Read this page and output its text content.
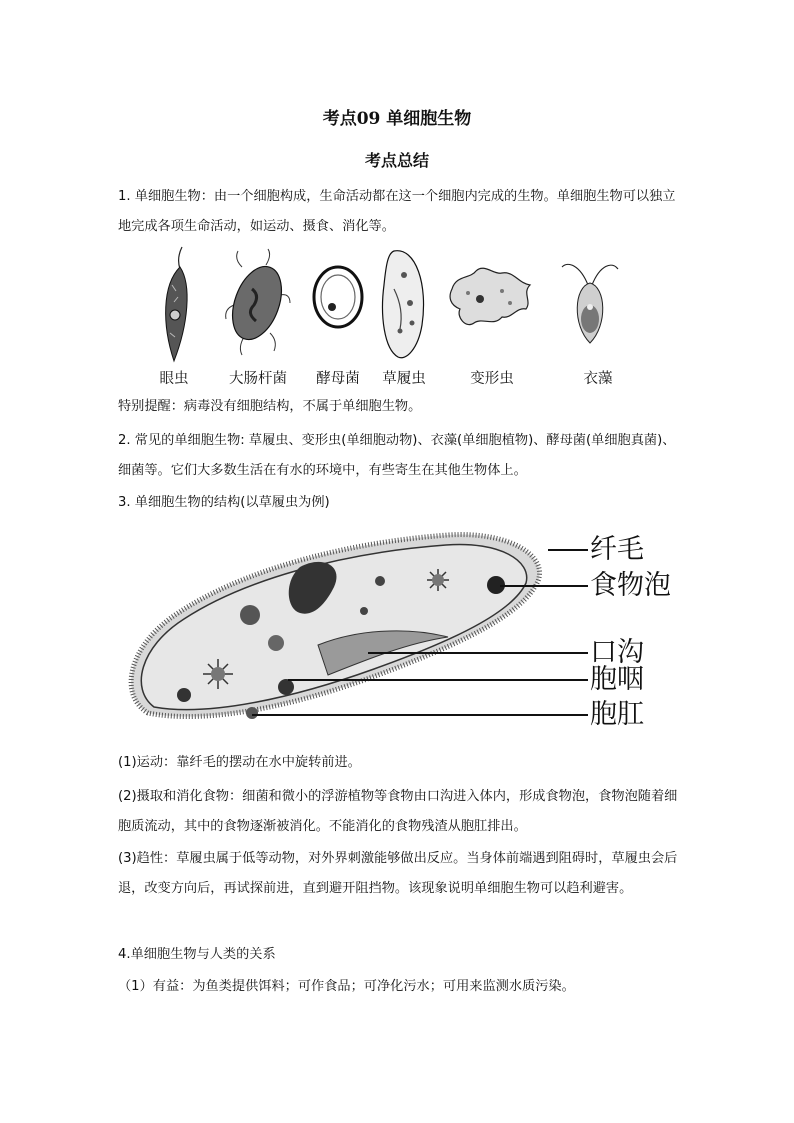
考点09 单细胞生物
考点总结

1. 单细胞生物：由一个细胞构成，生命活动都在这一个细胞内完成的生物。单细胞生物可以独立地完成各项生命活动，如运动、摄食、消化等。

眼虫	大肠杆菌 酵母菌 草履虫	变形虫	衣藻

特别提醒：病毒没有细胞结构，不属于单细胞生物。

2. 常见的单细胞生物: 草履虫、变形虫(单细胞动物)、衣藻(单细胞植物)、酵母菌(单细胞真菌)、细菌等。它们大多数生活在有水的环境中，有些寄生在其他生物体上。

3. 单细胞生物的结构(以草履虫为例)

纤毛
食物泡
口沟
胞咽
胞肛

(1)运动：靠纤毛的摆动在水中旋转前进。

(2)摄取和消化食物：细菌和微小的浮游植物等食物由口沟进入体内，形成食物泡，食物泡随着细胞质流动，其中的食物逐渐被消化。不能消化的食物残渣从胞肛排出。

(3)趋性：草履虫属于低等动物，对外界刺激能够做出反应。当身体前端遇到阻碍时，草履虫会后退，改变方向后，再试探前进，直到避开阻挡物。该现象说明单细胞生物可以趋利避害。

4.单细胞生物与人类的关系

（1）有益：为鱼类提供饵料；可作食品；可净化污水；可用来监测水质污染。
